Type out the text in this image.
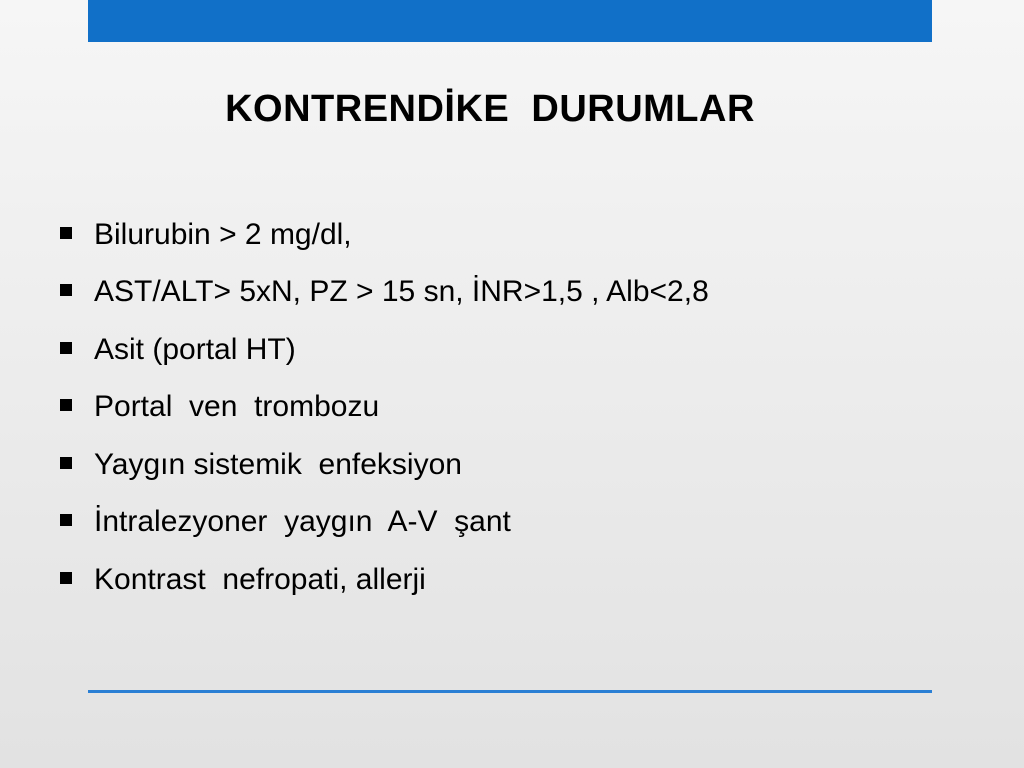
KONTRENDİKE  DURUMLAR
Bilurubin > 2 mg/dl,
AST/ALT> 5xN, PZ > 15 sn, İNR>1,5 , Alb<2,8
Asit (portal HT)
Portal  ven  trombozu
Yaygın sistemik  enfeksiyon
İntralezyoner  yaygın  A-V  şant
Kontrast  nefropati, allerji
